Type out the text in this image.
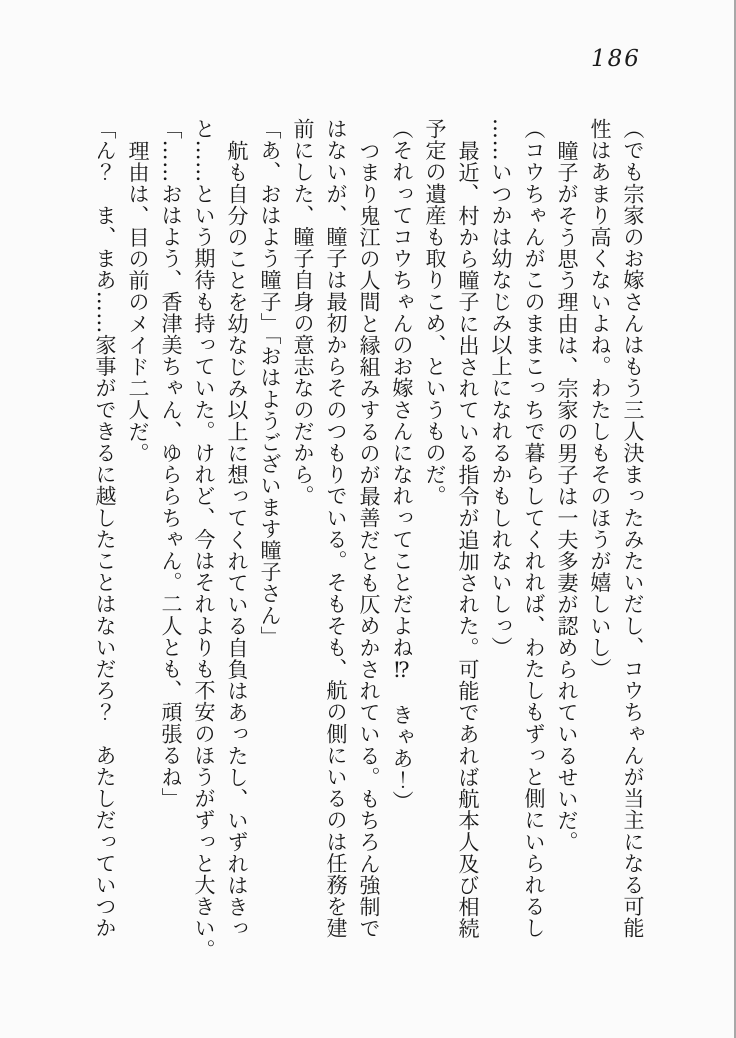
186

（でも宗家のお嫁さんはもう三人決まったみたいだし、コウちゃんが当主になる可能

性はあまり高くないよね。わたしもそのほうが嬉しいし）

瞳子がそう思う理由は、宗家の男子は一夫多妻が認められているせいだ。

（コウちゃんがこのままこっちで暮らしてくれれば、わたしもずっと側にいられるし

……いつかは幼なじみ以上になれるかもしれないしっ）

最近、村から瞳子に出されている指令が追加された。可能であれば航本人及び相続

予定の遺産も取りこめ、というものだ。

（それってコウちゃんのお嫁さんになれってことだよね⁉　きゃあ！）

つまり鬼江の人間と縁組みするのが最善だとも仄めかされている。もちろん強制で

はないが、瞳子は最初からそのつもりでいる。そもそも、航の側にいるのは任務を建

前にした、瞳子自身の意志なのだから。

「あ、おはよう瞳子」「おはようございます瞳子さん」

航も自分のことを幼なじみ以上に想ってくれている自負はあったし、いずれはきっ

と……という期待も持っていた。けれど、今はそれよりも不安のほうがずっと大きい。

「……おはよう、香津美ちゃん、ゆららちゃん。二人とも、頑張るね」

理由は、目の前のメイド二人だ。

「ん？　ま、まあ……家事ができるに越したことはないだろ？　あたしだっていつか
